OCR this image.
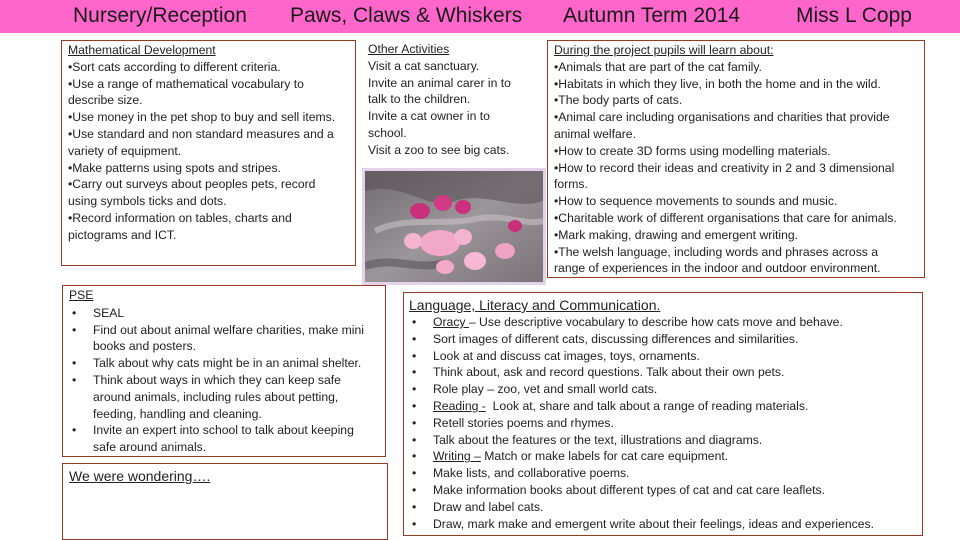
Nursery/Reception Paws, Claws & Whiskers Autumn Term 2014	Miss L Copp
Mathematical Development
•Sort cats according to different criteria.
•Use a range of mathematical vocabulary to
describe size.
•Use money in the pet shop to buy and sell items.
•Use standard and non standard measures and a
variety of equipment.
•Make patterns using spots and stripes.
•Carry out surveys about peoples pets, record
using symbols ticks and dots.
•Record information on tables, charts and
pictograms and ICT.
Other Activities
Visit a cat sanctuary.
Invite an animal carer in to
talk to the children.
Invite a cat owner in to
school.
Visit a zoo to see big cats.
During the project pupils will learn about:
•Animals that are part of the cat family.
•Habitats in which they live, in both the home and in the wild.
•The body parts of cats.
•Animal care including organisations and charities that provide
animal welfare.
•How to create 3D forms using modelling materials.
•How to record their ideas and creativity in 2 and 3 dimensional
forms.
•How to sequence movements to sounds and music.
•Charitable work of different organisations that care for animals.
•Mark making, drawing and emergent writing.
•The welsh language, including words and phrases across a
range of experiences in the indoor and outdoor environment.
PSE
• SEAL
• Find out about animal welfare charities, make mini
books and posters.
• Talk about why cats might be in an animal shelter.
• Think about ways in which they can keep safe
around animals, including rules about petting,
feeding, handling and cleaning.
• Invite an expert into school to talk about keeping
safe around animals.
We were wondering….
Language, Literacy and Communication.
• Oracy – Use descriptive vocabulary to describe how cats move and behave.
• Sort images of different cats, discussing differences and similarities.
• Look at and discuss cat images, toys, ornaments.
• Think about, ask and record questions. Talk about their own pets.
• Role play – zoo, vet and small world cats.
• Reading -  Look at, share and talk about a range of reading materials.
• Retell stories poems and rhymes.
• Talk about the features or the text, illustrations and diagrams.
• Writing – Match or make labels for cat care equipment.
• Make lists, and collaborative poems.
• Make information books about different types of cat and cat care leaflets.
• Draw and label cats.
• Draw, mark make and emergent write about their feelings, ideas and experiences.
